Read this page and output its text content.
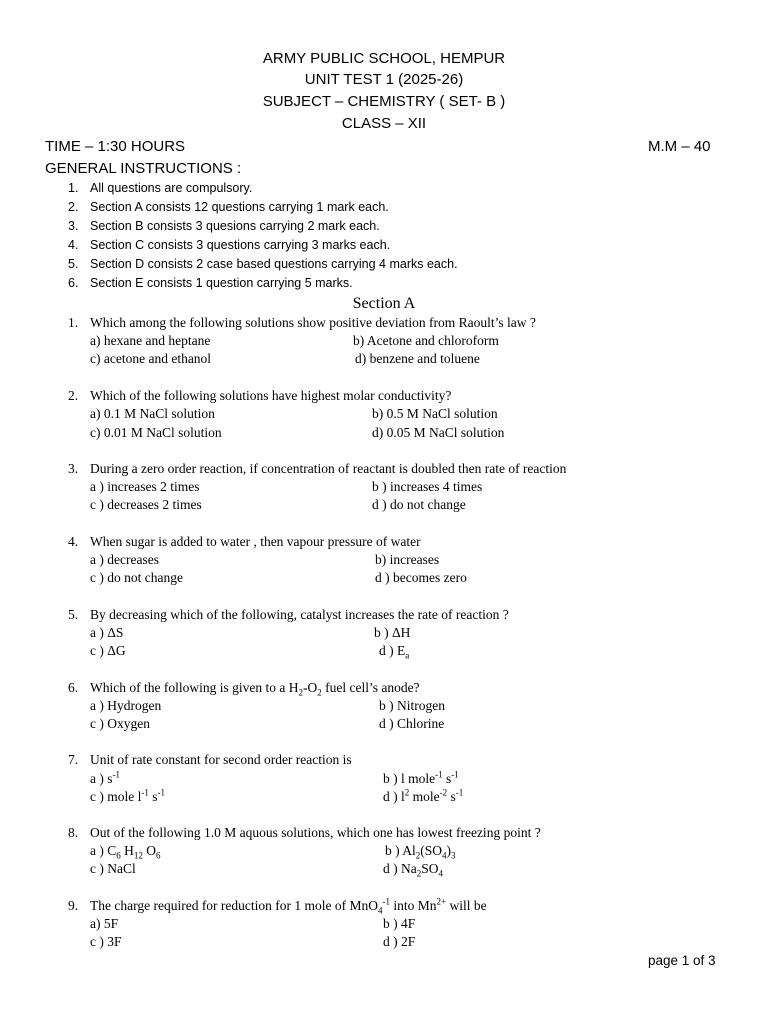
ARMY PUBLIC SCHOOL, HEMPUR
UNIT TEST 1 (2025-26)
SUBJECT – CHEMISTRY ( SET- B )
CLASS – XII
TIME – 1:30 HOURS	M.M – 40
GENERAL INSTRUCTIONS :
1. All questions are compulsory.
2. Section A consists 12 questions carrying 1 mark each.
3. Section B consists 3 quesions carrying 2 mark each.
4. Section C consists 3 questions carrying 3 marks each.
5. Section D consists 2 case based questions carrying 4 marks each.
6. Section E consists 1 question carrying 5 marks.
Section A
1. Which among the following solutions show positive deviation from Raoult’s law ?
a) hexane and heptane	b) Acetone and chloroform
c) acetone and ethanol	d) benzene and toluene
2. Which of the following solutions have highest molar conductivity?
a) 0.1 M NaCl solution	b) 0.5 M NaCl solution
c) 0.01 M NaCl solution	d) 0.05 M NaCl solution
3. During a zero order reaction, if concentration of reactant is doubled then rate of reaction
a ) increases 2 times	b ) increases 4 times
c ) decreases 2 times	d ) do not change
4. When sugar is added to water , then vapour pressure of water
a ) decreases	b) increases
c ) do not change	d ) becomes zero
5. By decreasing which of the following, catalyst increases the rate of reaction ?
a ) ΔS	b ) ΔH
c ) ΔG	d ) $E_a$
6. Which of the following is given to a $H_2-O_2$ fuel cell’s anode?
a ) Hydrogen	b ) Nitrogen
c ) Oxygen	d ) Chlorine
7. Unit of rate constant for second order reaction is
a ) $s^{-1}$	b ) l mole$^{-1}$ $s^{-1}$
c ) mole $l^{-1}$ $s^{-1}$	d ) $l^2$ mole$^{-2}$ $s^{-1}$
8. Out of the following 1.0 M aquous solutions, which one has lowest freezing point ?
a ) $C_6$ $H_{12}$ $O_6$	b ) $Al_2(SO_4)_3$
c ) NaCl	d ) $Na_2SO_4$
9. The charge required for reduction for 1 mole of MnO$_4^{-1}$ into $Mn^{2+}$ will be
a) 5F	b ) 4F
c ) 3F	d ) 2F
page 1 of 3
